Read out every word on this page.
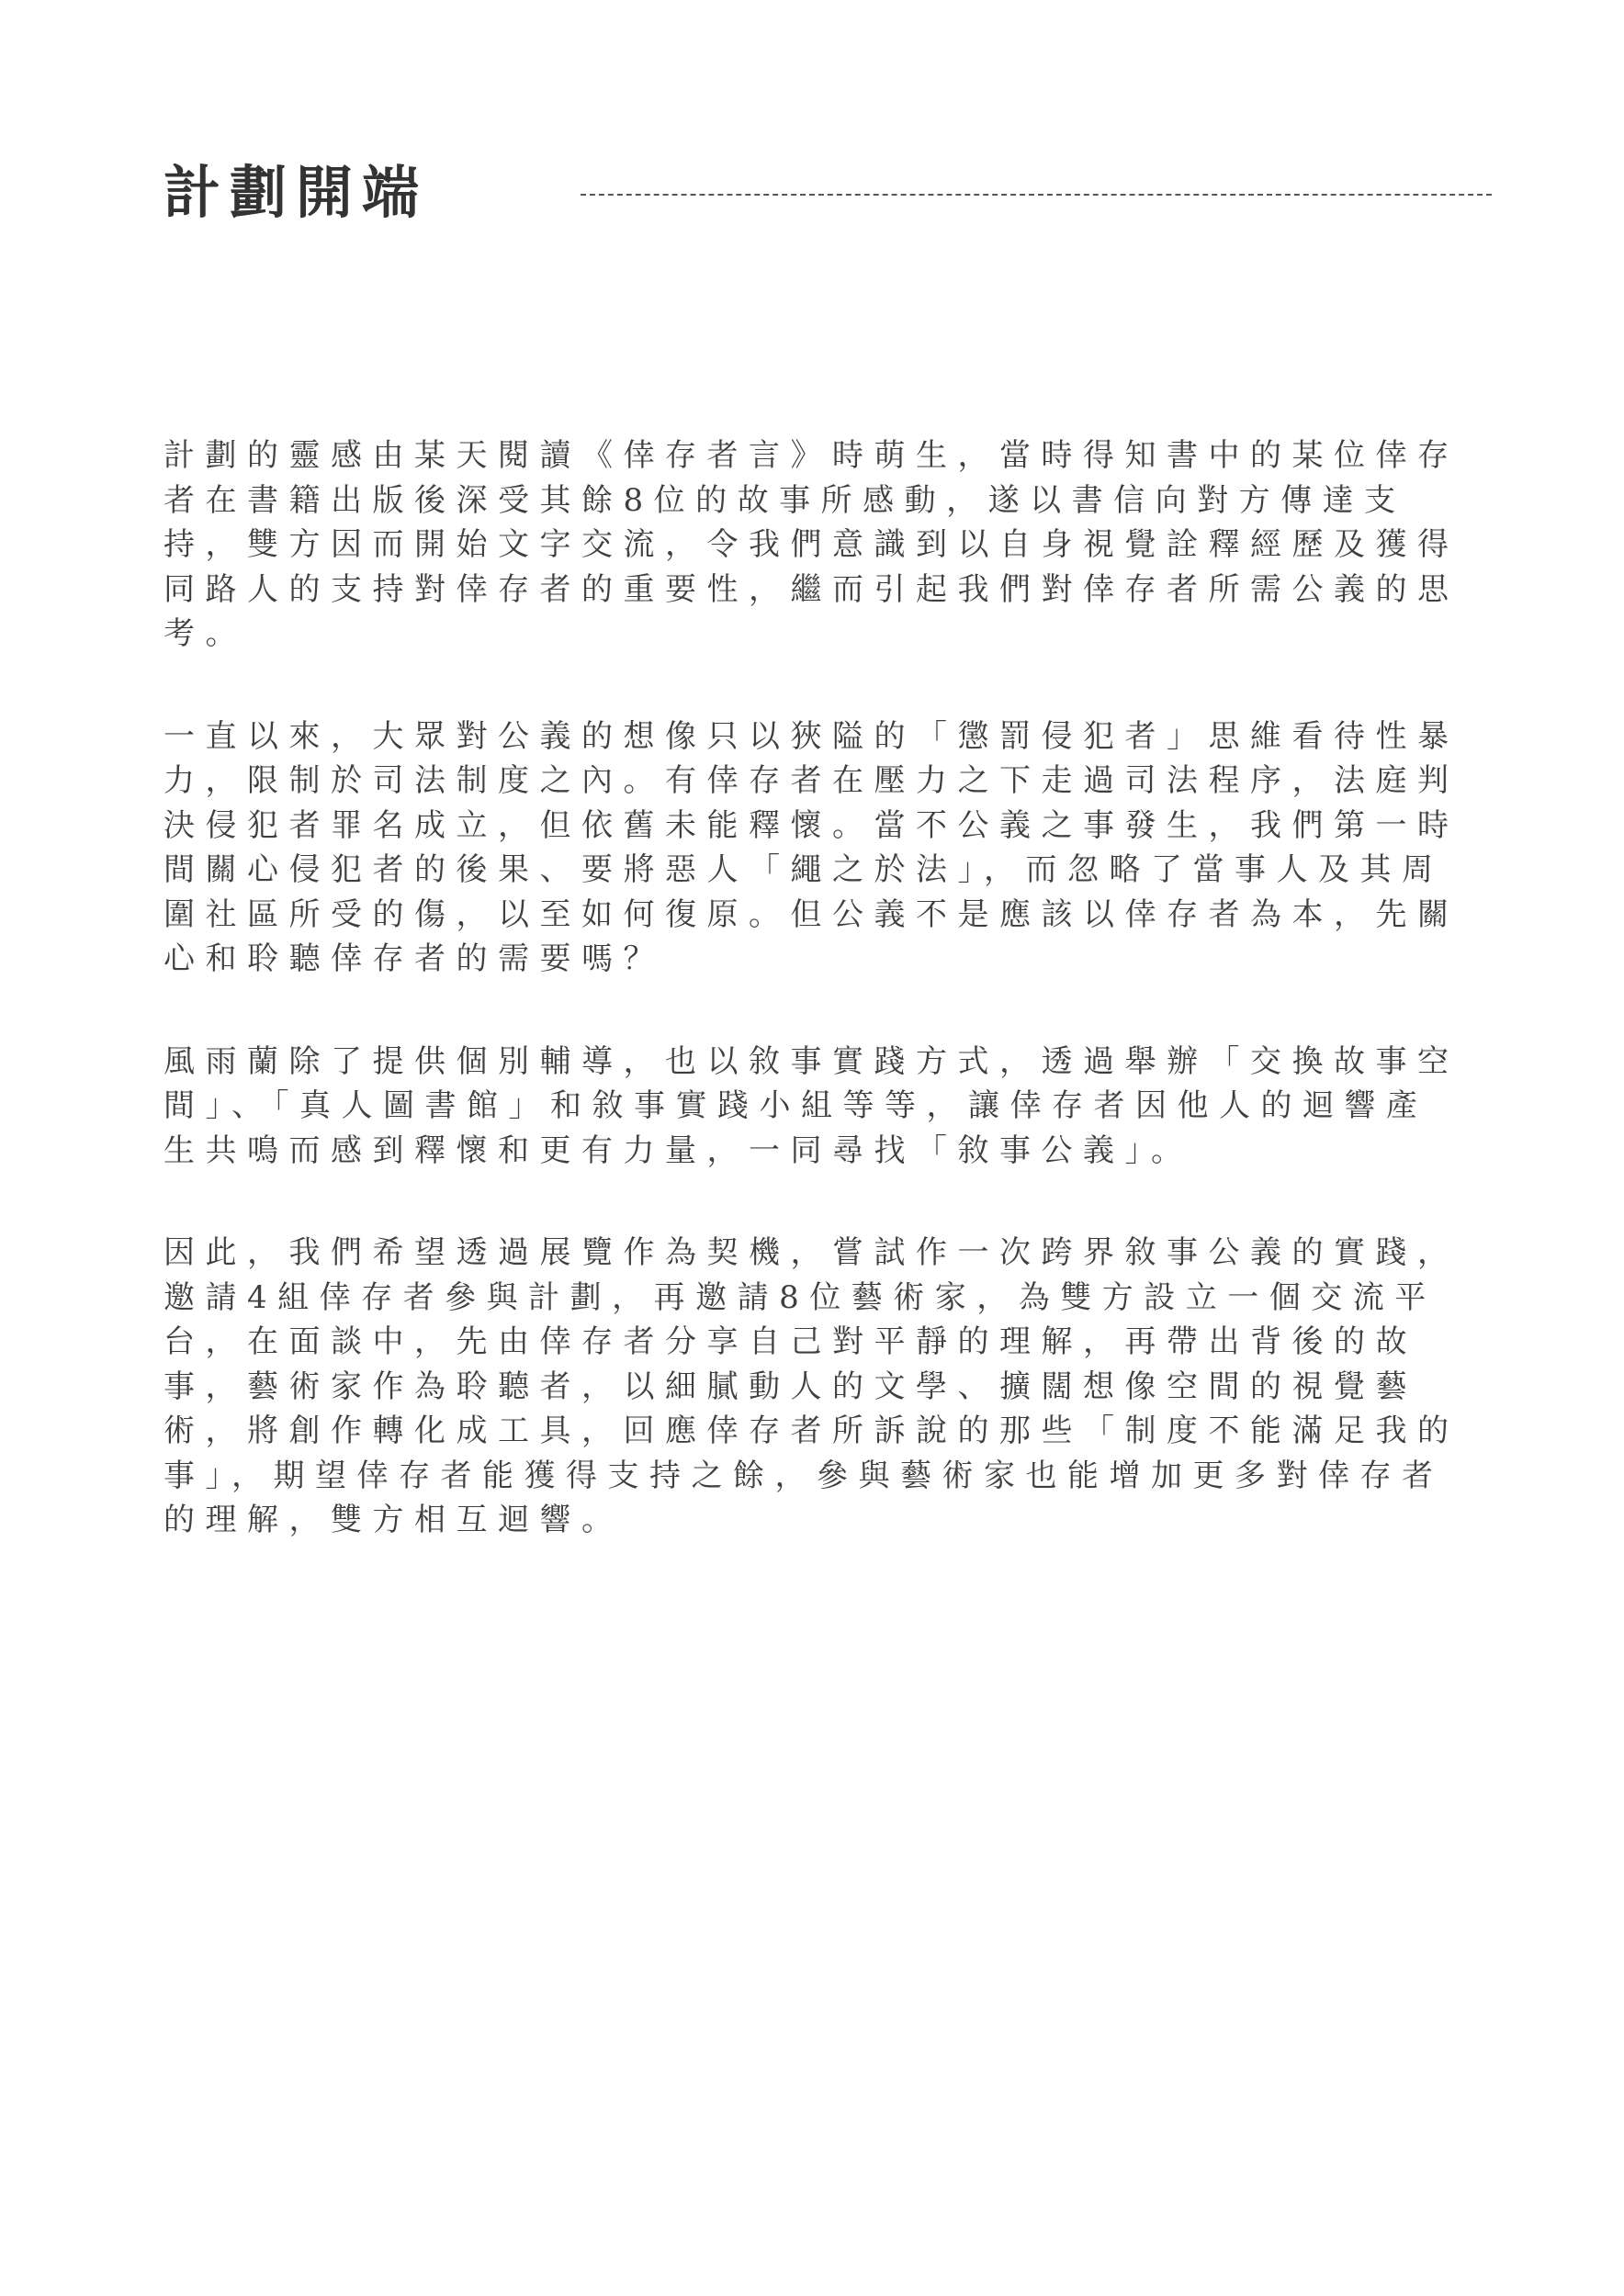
計劃開端

計劃的靈感由某天閱讀《倖存者言》時萌生，當時得知書中的某位倖存者在書籍出版後深受其餘8位的故事所感動，遂以書信向對方傳達支持，雙方因而開始文字交流，令我們意識到以自身視覺詮釋經歷及獲得同路人的支持對倖存者的重要性，繼而引起我們對倖存者所需公義的思考。

一直以來，大眾對公義的想像只以狹隘的「懲罰侵犯者」思維看待性暴力，限制於司法制度之內。有倖存者在壓力之下走過司法程序，法庭判決侵犯者罪名成立，但依舊未能釋懷。當不公義之事發生，我們第一時間關心侵犯者的後果、要將惡人「繩之於法」，而忽略了當事人及其周圍社區所受的傷，以至如何復原。但公義不是應該以倖存者為本，先關心和聆聽倖存者的需要嗎？

風雨蘭除了提供個別輔導，也以敘事實踐方式，透過舉辦「交換故事空間」、「真人圖書館」和敘事實踐小組等等，讓倖存者因他人的迴響產生共鳴而感到釋懷和更有力量，一同尋找「敘事公義」。

因此，我們希望透過展覽作為契機，嘗試作一次跨界敘事公義的實踐，邀請4組倖存者參與計劃，再邀請8位藝術家，為雙方設立一個交流平台，在面談中，先由倖存者分享自己對平靜的理解，再帶出背後的故事，藝術家作為聆聽者，以細膩動人的文學、擴闊想像空間的視覺藝術，將創作轉化成工具，回應倖存者所訴說的那些「制度不能滿足我的事」，期望倖存者能獲得支持之餘，參與藝術家也能增加更多對倖存者的理解，雙方相互迴響。
